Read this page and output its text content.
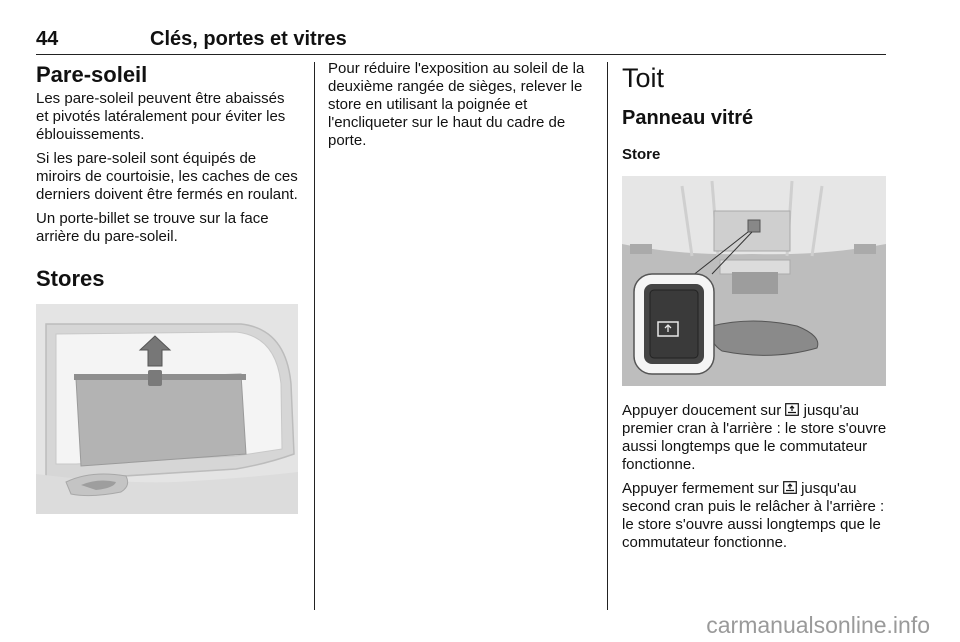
44	Clés, portes et vitres
Pare-soleil

Les pare-soleil peuvent être abaissés et pivotés latéralement pour éviter les éblouissements.

Si les pare-soleil sont équipés de miroirs de courtoisie, les caches de ces derniers doivent être fermés en roulant.

Un porte-billet se trouve sur la face arrière du pare-soleil.

Stores

Pour réduire l'exposition au soleil de la deuxième rangée de sièges, relever le store en utilisant la poignée et l'encliqueter sur le haut du cadre de porte.

Toit
Panneau vitré
Store

Appuyer doucement sur jusqu'au premier cran à l'arrière : le store s'ouvre aussi longtemps que le commutateur fonctionne.

Appuyer fermement sur jusqu'au second cran puis le relâcher à l'arrière : le store s'ouvre aussi longtemps que le commutateur fonctionne.

carmanualsonline.info
